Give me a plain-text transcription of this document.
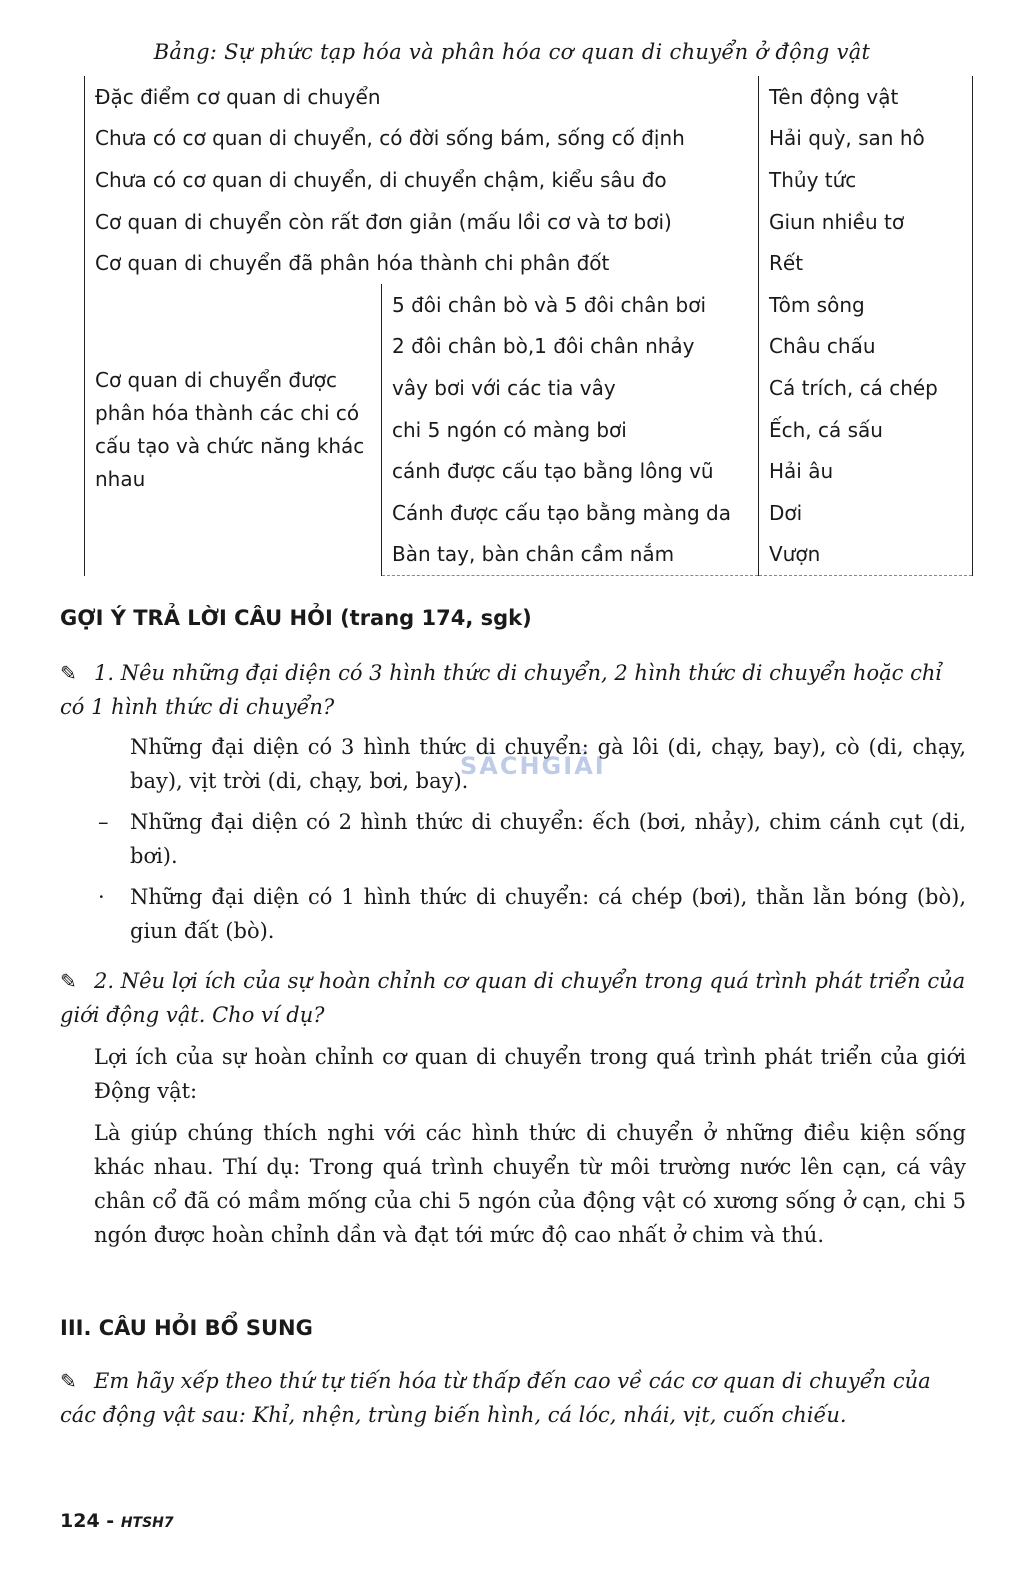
Bảng: Sự phức tạp hóa và phân hóa cơ quan di chuyển ở động vật
Đặc điểm cơ quan di chuyển		Tên động vật
Chưa có cơ quan di chuyển, có đời sống bám, sống cố định		Hải quỳ, san hô
Chưa có cơ quan di chuyển, di chuyển chậm, kiểu sâu đo		Thủy tức
Cơ quan di chuyển còn rất đơn giản (mấu lồi cơ và tơ bơi)		Giun nhiều tơ
Cơ quan di chuyển đã phân hóa thành chi phân đốt		Rết
Cơ quan di chuyển được phân hóa thành các chi có cấu tạo và chức năng khác nhau	5 đôi chân bò và 5 đôi chân bơi	Tôm sông
	2 đôi chân bò,1 đôi chân nhảy	Châu chấu
	vây bơi với các tia vây	Cá trích, cá chép
	chi 5 ngón có màng bơi	Ếch, cá sấu
	cánh được cấu tạo bằng lông vũ	Hải âu
	Cánh được cấu tạo bằng màng da	Dơi
	Bàn tay, bàn chân cầm nắm	Vượn
GỢI Ý TRẢ LỜI CÂU HỎI (trang 174, sgk)
✎ 1. Nêu những đại diện có 3 hình thức di chuyển, 2 hình thức di chuyển hoặc chỉ có 1 hình thức di chuyển?
Những đại diện có 3 hình thức di chuyển: gà lôi (di, chạy, bay), cò (di, chạy, bay), vịt trời (di, chạy, bơi, bay).
– Những đại diện có 2 hình thức di chuyển: ếch (bơi, nhảy), chim cánh cụt (di, bơi).
· Những đại diện có 1 hình thức di chuyển: cá chép (bơi), thằn lằn bóng (bò), giun đất (bò).
SÁCHGIẢI
✎ 2. Nêu lợi ích của sự hoàn chỉnh cơ quan di chuyển trong quá trình phát triển của giới động vật. Cho ví dụ?
Lợi ích của sự hoàn chỉnh cơ quan di chuyển trong quá trình phát triển của giới Động vật:
Là giúp chúng thích nghi với các hình thức di chuyển ở những điều kiện sống khác nhau. Thí dụ: Trong quá trình chuyển từ môi trường nước lên cạn, cá vây chân cổ đã có mầm mống của chi 5 ngón của động vật có xương sống ở cạn, chi 5 ngón được hoàn chỉnh dần và đạt tới mức độ cao nhất ở chim và thú.
III. CÂU HỎI BỔ SUNG
✎ Em hãy xếp theo thứ tự tiến hóa từ thấp đến cao về các cơ quan di chuyển của các động vật sau: Khỉ, nhện, trùng biến hình, cá lóc, nhái, vịt, cuốn chiếu.
124 - HTSH7
